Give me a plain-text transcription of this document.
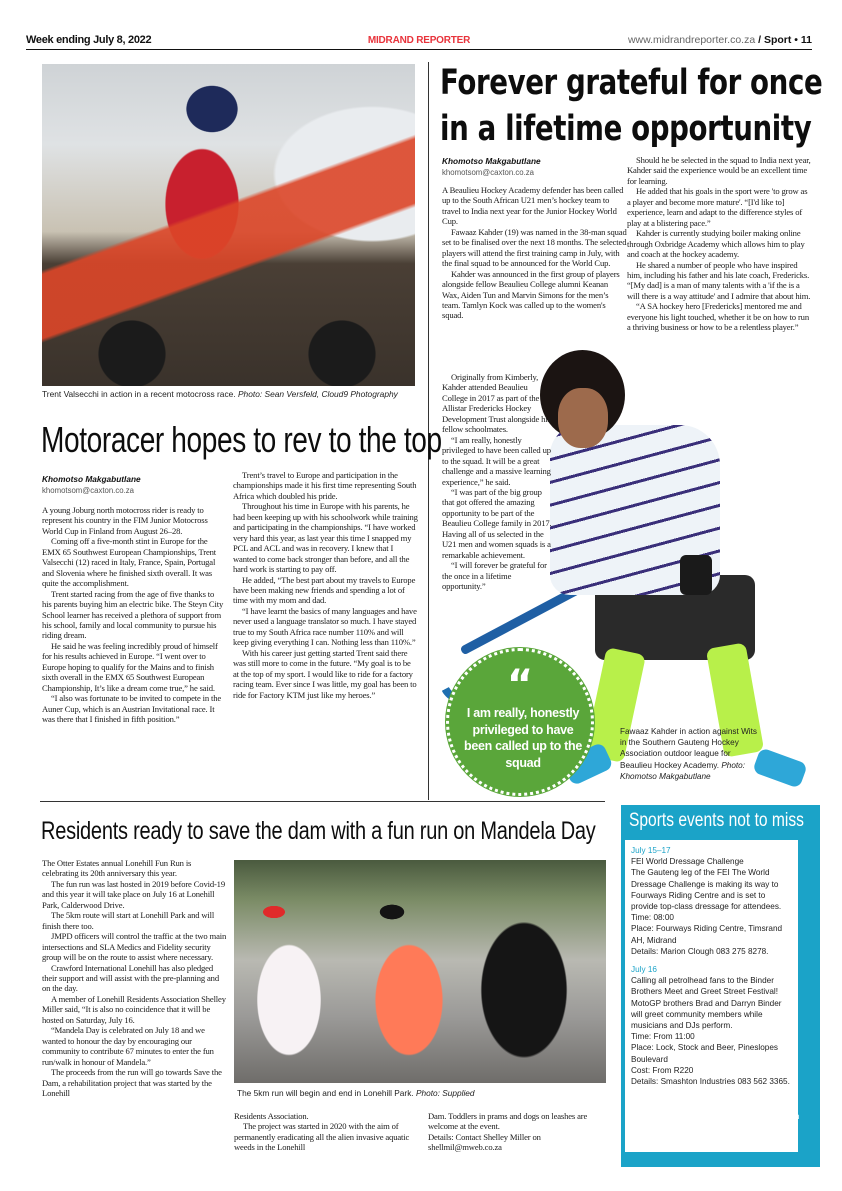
Week ending July 8, 2022	MIDRAND REPORTER	www.midrandreporter.co.za / Sport • 11
Trent Valsecchi in action in a recent motocross race. Photo: Sean Versfeld, Cloud9 Photography
Forever grateful for once
in a lifetime opportunity
Khomotso Makgabutlane
khomotsom@caxton.co.za

A Beaulieu Hockey Academy defender has been called up to the South African U21 men’s hockey team to travel to India next year for the Junior Hockey World Cup.

Fawaaz Kahder (19) was named in the 38-man squad set to be finalised over the next 18 months. The selected players will attend the first training camp in July, with the final squad to be announced for the World Cup.

Kahder was announced in the first group of players alongside fellow Beaulieu College alumni Keanan Wax, Aiden Tun and Marvin Simons for the men’s team. Tamlyn Kock was called up to the women's squad.

Originally from Kimberly, Kahder attended Beaulieu College in 2017 as part of the Allistar Fredericks Hockey Development Trust alongside his fellow schoolmates.

“I am really, honestly privileged to have been called up to the squad. It will be a great challenge and a massive learning experience,” he said.

“I was part of the big group that got offered the amazing opportunity to be part of the Beaulieu College family in 2017. Having all of us selected in the U21 men and women squads is a remarkable achievement.

“I will forever be grateful for the once in a lifetime opportunity.”

Should he be selected in the squad to India next year, Kahder said the experience would be an excellent time for learning.

He added that his goals in the sport were 'to grow as a player and become more mature'. “[I'd like to] experience, learn and adapt to the difference styles of play at a blistering pace.”

Kahder is currently studying boiler making online through Oxbridge Academy which allows him to play and coach at the hockey academy.

He shared a number of people who have inspired him, including his father and his late coach, Fredericks. “[My dad] is a man of many talents with a 'if the is a will there is a way attitude' and I admire that about him.

“A SA hockey hero [Fredericks] mentored me and everyone his light touched, whether it be on how to run a thriving business or how to be a relentless player.”

“
I am really, honestly privileged to have been called up to the squad
Fawaaz Kahder in action against Wits in the Southern Gauteng Hockey Association outdoor league for Beaulieu Hockey Academy. Photo: Khomotso Makgabutlane
Motoracer hopes to rev to the top
Khomotso Makgabutlane
khomotsom@caxton.co.za

A young Joburg north motocross rider is ready to represent his country in the FIM Junior Motocross World Cup in Finland from August 26–28.

Coming off a five-month stint in Europe for the EMX 65 Southwest European Championships, Trent Valsecchi (12) raced in Italy, France, Spain, Portugal and Slovenia where he finished sixth overall. It was quite the accomplishment.

Trent started racing from the age of five thanks to his parents buying him an electric bike. The Steyn City School learner has received a plethora of support from his school, family and local community to pursue his riding dream.

He said he was feeling incredibly proud of himself for his results achieved in Europe. “I went over to Europe hoping to qualify for the Mains and to finish sixth overall in the EMX 65 Southwest European Championship, It’s like a dream come true,” he said.

“I also was fortunate to be invited to compete in the Auner Cup, which is an Austrian Invitational race. It was there that I finished in fifth position.”

Trent’s travel to Europe and participation in the championships made it his first time representing South Africa which doubled his pride.

Throughout his time in Europe with his parents, he had been keeping up with his schoolwork while training and participating in the championships. “I have worked very hard this year, as last year this time I snapped my PCL and ACL and was in recovery. I knew that I wanted to come back stronger than before, and all the hard work is starting to pay off.

He added, “The best part about my travels to Europe have been making new friends and spending a lot of time with my mom and dad.

“I have learnt the basics of many languages and have never used a language translator so much. I have stayed true to my South Africa race number 110% and will keep giving everything I can. Nothing less than 110%.”

With his career just getting started Trent said there was still more to come in the future. “My goal is to be at the top of my sport. I would like to ride for a factory racing team. Ever since I was little, my goal has been to ride for Factory KTM just like my heroes.”

Residents ready to save the dam with a fun run on Mandela Day

The Otter Estates annual Lonehill Fun Run is celebrating its 20th anniversary this year.

The fun run was last hosted in 2019 before Covid-19 and this year it will take place on July 16 at Lonehill Park, Calderwood Drive.

The 5km route will start at Lonehill Park and will finish there too.

JMPD officers will control the traffic at the two main intersections and SLA Medics and Fidelity security group will be on the route to assist where necessary.

Crawford International Lonehill has also pledged their support and will assist with the pre-planning and on the day.

A member of Lonehill Residents Association Shelley Miller said, “It is also no coincidence that it will be hosted on Saturday, July 16.

“Mandela Day is celebrated on July 18 and we wanted to honour the day by encouraging our community to contribute 67 minutes to enter the fun run/walk in honour of Mandela.”

The proceeds from the run will go towards Save the Dam, a rehabilitation project that was started by the Lonehill	The 5km run will begin and end in Lonehill Park. Photo: Supplied

Residents Association.

The project was started in 2020 with the aim of permanently eradicating all the alien invasive aquatic weeds in the Lonehill

Dam. Toddlers in prams and dogs on leashes are welcome at the event.

Details: Contact Shelley Miller on shellmil@mweb.co.za

Sports events not to miss
July 15–17
FEI World Dressage Challenge
The Gauteng leg of the FEI The World Dressage Challenge is making its way to Fourways Riding Centre and is set to provide top-class dressage for attendees.
Time: 08:00
Place: Fourways Riding Centre, Timsrand AH, Midrand
Details: Marion Clough 083 275 8278.
July 16
Calling all petrolhead fans to the Binder Brothers Meet and Greet Street Festival!
MotoGP brothers Brad and Darryn Binder will greet community members while musicians and DJs perform.
Time: From 11:00
Place: Lock, Stock and Beer, Pineslopes Boulevard
Cost: From R220
Details: Smashton Industries 083 562 3365.
Email sporting diary dates to the editor, Ashtyn Mackenzie, at ashtynm@caxton.co.za
